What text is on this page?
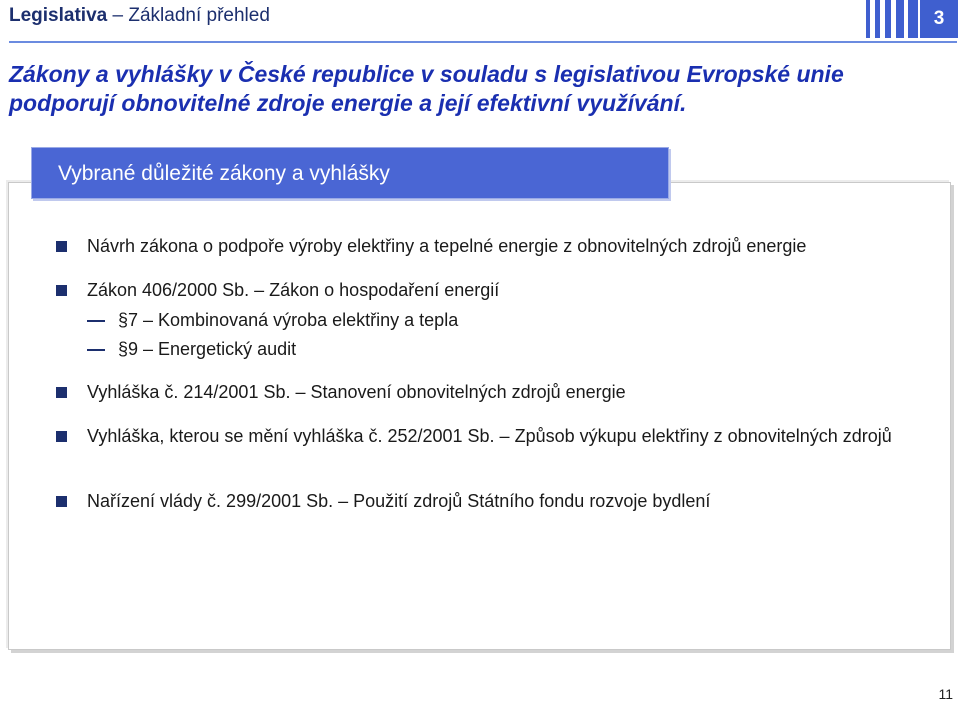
Legislativa – Základní přehled	3
Zákony a vyhlášky v České republice v souladu s legislativou Evropské unie podporují obnovitelné zdroje energie a její efektivní využívání.
Vybrané důležité zákony a vyhlášky
Návrh zákona o podpoře výroby elektřiny a tepelné energie z obnovitelných zdrojů energie
Zákon 406/2000 Sb. – Zákon o hospodaření energií
§7 – Kombinovaná výroba elektřiny a tepla
§9 – Energetický audit
Vyhláška č. 214/2001 Sb. – Stanovení obnovitelných zdrojů energie
Vyhláška, kterou se mění vyhláška č. 252/2001 Sb. – Způsob výkupu elektřiny z obnovitelných zdrojů
Nařízení vlády č. 299/2001 Sb. – Použití zdrojů Státního fondu rozvoje bydlení
11
